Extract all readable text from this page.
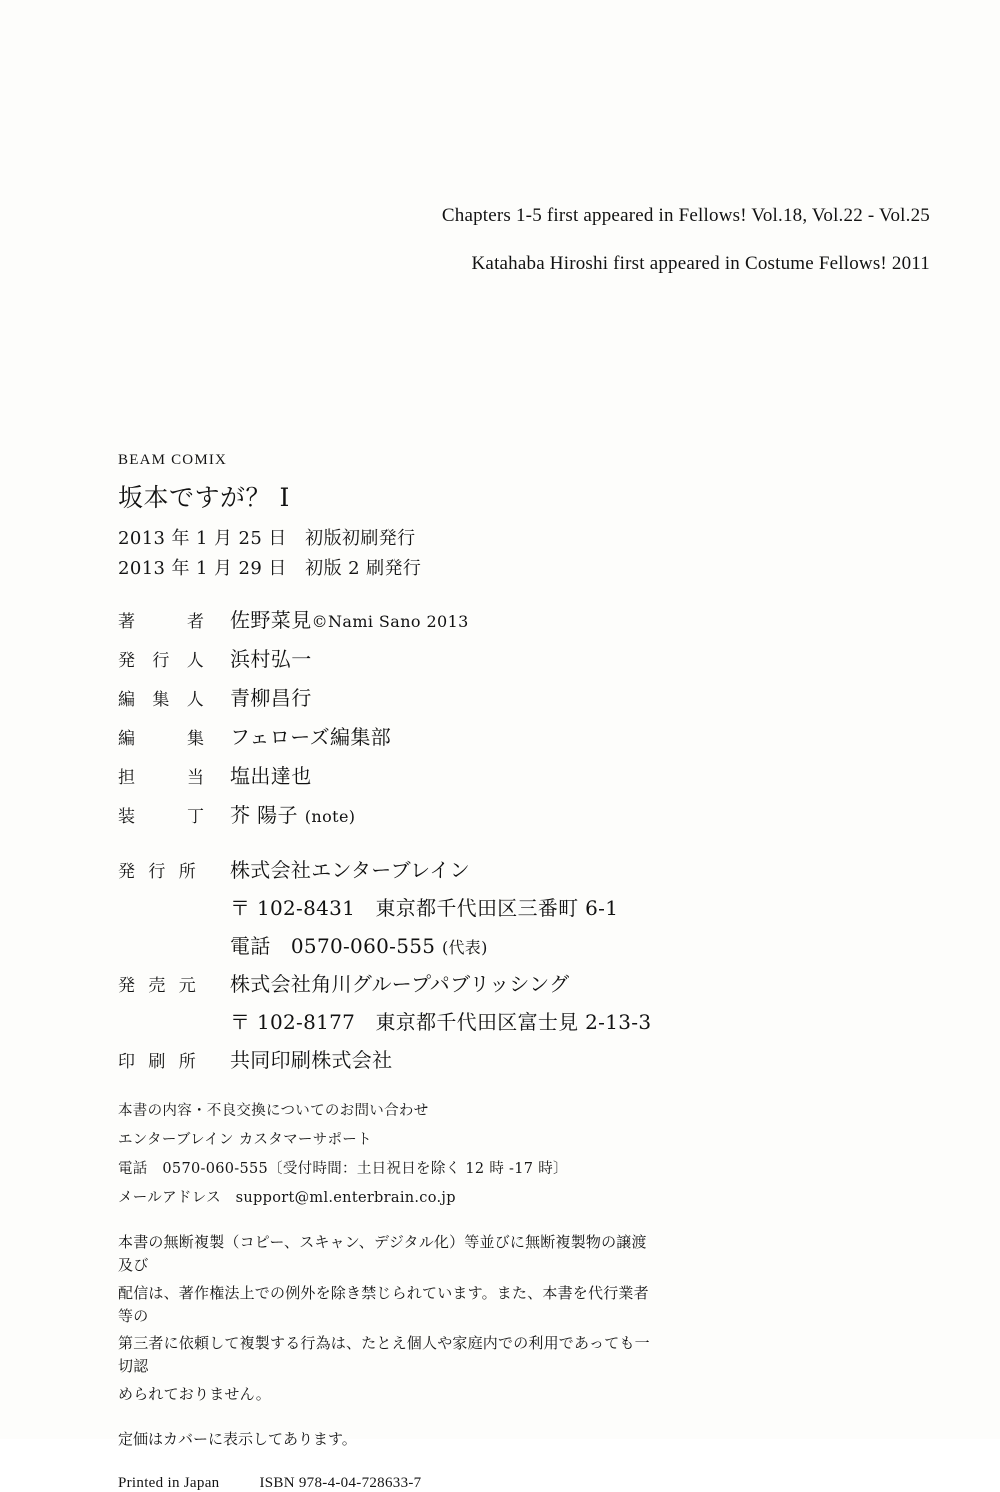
Chapters 1-5 first appeared in Fellows! Vol.18, Vol.22 - Vol.25
Katahaba Hiroshi first appeared in Costume Fellows! 2011
BEAM COMIX
坂本ですが？ I
2013 年 1 月 25 日　初版初刷発行
2013 年 1 月 29 日　初版 2 刷発行
著　　者	佐野菜見©Nami Sano 2013
発 行 人	浜村弘一
編 集 人	青柳昌行
編　　集	フェローズ編集部
担　　当	塩出達也
装　　丁	芥 陽子 (note)
発 行 所	株式会社エンターブレイン
〒 102-8431　東京都千代田区三番町 6-1
電話　0570-060-555 (代表)
発 売 元	株式会社角川グループパブリッシング
〒 102-8177　東京都千代田区富士見 2-13-3
印 刷 所	共同印刷株式会社
本書の内容・不良交換についてのお問い合わせ
エンターブレイン カスタマーサポート
電話　0570-060-555〔受付時間：土日祝日を除く 12 時 -17 時〕
メールアドレス　support@ml.enterbrain.co.jp

本書の無断複製（コピー、スキャン、デジタル化）等並びに無断複製物の譲渡及び

配信は、著作権法上での例外を除き禁じられています。また、本書を代行業者等の

第三者に依頼して複製する行為は、たとえ個人や家庭内での利用であっても一切認

められておりません。

定価はカバーに表示してあります。
Printed in Japan	ISBN 978-4-04-728633-7
